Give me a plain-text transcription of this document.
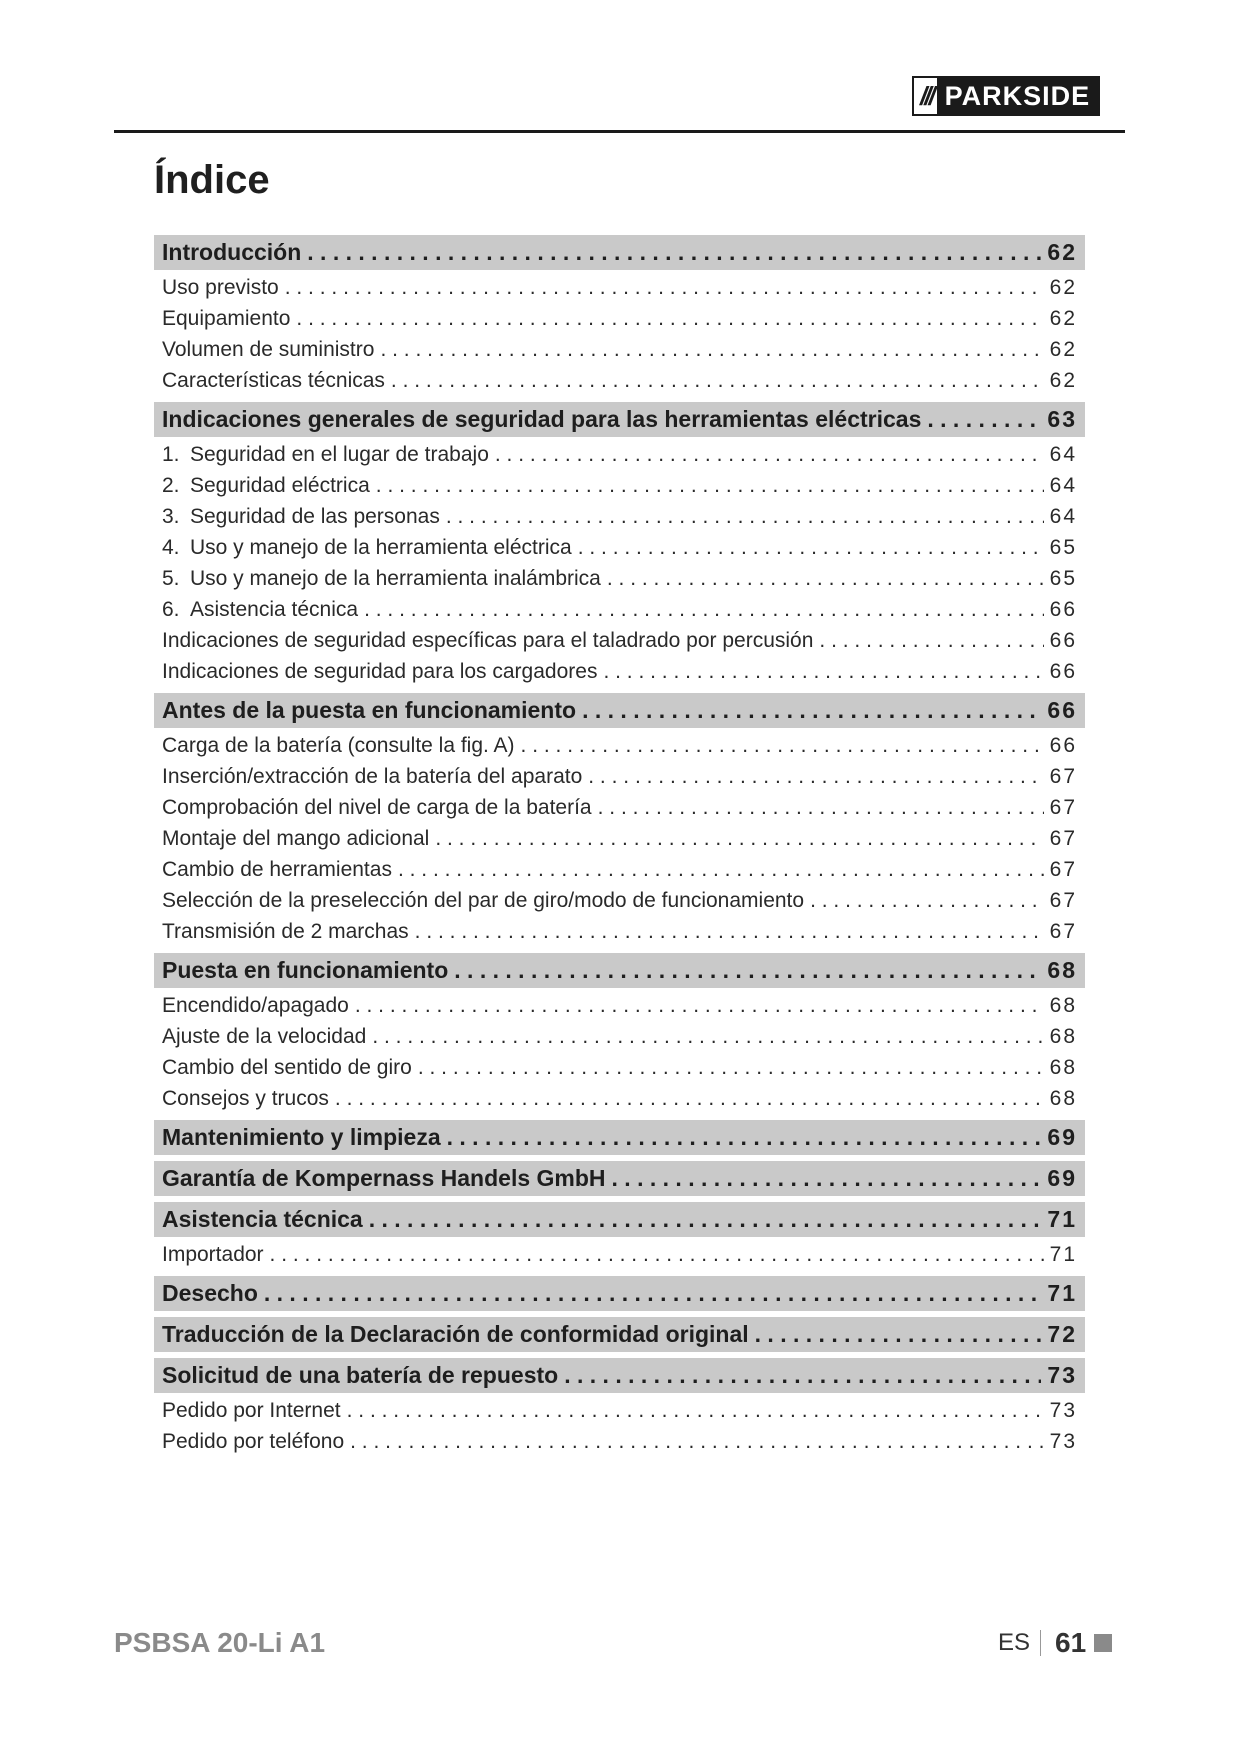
/// PARKSIDE
Índice
Introducción . . .	62
Uso previsto . . .	62
Equipamiento . . .	62
Volumen de suministro . . .	62
Características técnicas . . .	62
Indicaciones generales de seguridad para las herramientas eléctricas . . .	63
1. Seguridad en el lugar de trabajo . . .	64
2. Seguridad eléctrica . . .	64
3. Seguridad de las personas . . .	64
4. Uso y manejo de la herramienta eléctrica . . .	65
5. Uso y manejo de la herramienta inalámbrica . . .	65
6. Asistencia técnica . . .	66
Indicaciones de seguridad específicas para el taladrado por percusión . . .	66
Indicaciones de seguridad para los cargadores . . .	66
Antes de la puesta en funcionamiento . . .	66
Carga de la batería (consulte la fig. A) . . .	66
Inserción/extracción de la batería del aparato . . .	67
Comprobación del nivel de carga de la batería . . .	67
Montaje del mango adicional . . .	67
Cambio de herramientas . . .	67
Selección de la preselección del par de giro/modo de funcionamiento . . .	67
Transmisión de 2 marchas . . .	67
Puesta en funcionamiento . . .	68
Encendido/apagado . . .	68
Ajuste de la velocidad . . .	68
Cambio del sentido de giro . . .	68
Consejos y trucos . . .	68
Mantenimiento y limpieza . . .	69
Garantía de Kompernass Handels GmbH . . .	69
Asistencia técnica . . .	71
Importador . . .	71
Desecho . . .	71
Traducción de la Declaración de conformidad original . . .	72
Solicitud de una batería de repuesto . . .	73
Pedido por Internet . . .	73
Pedido por teléfono . . .	73

PSBSA 20-Li A1	ES 61
